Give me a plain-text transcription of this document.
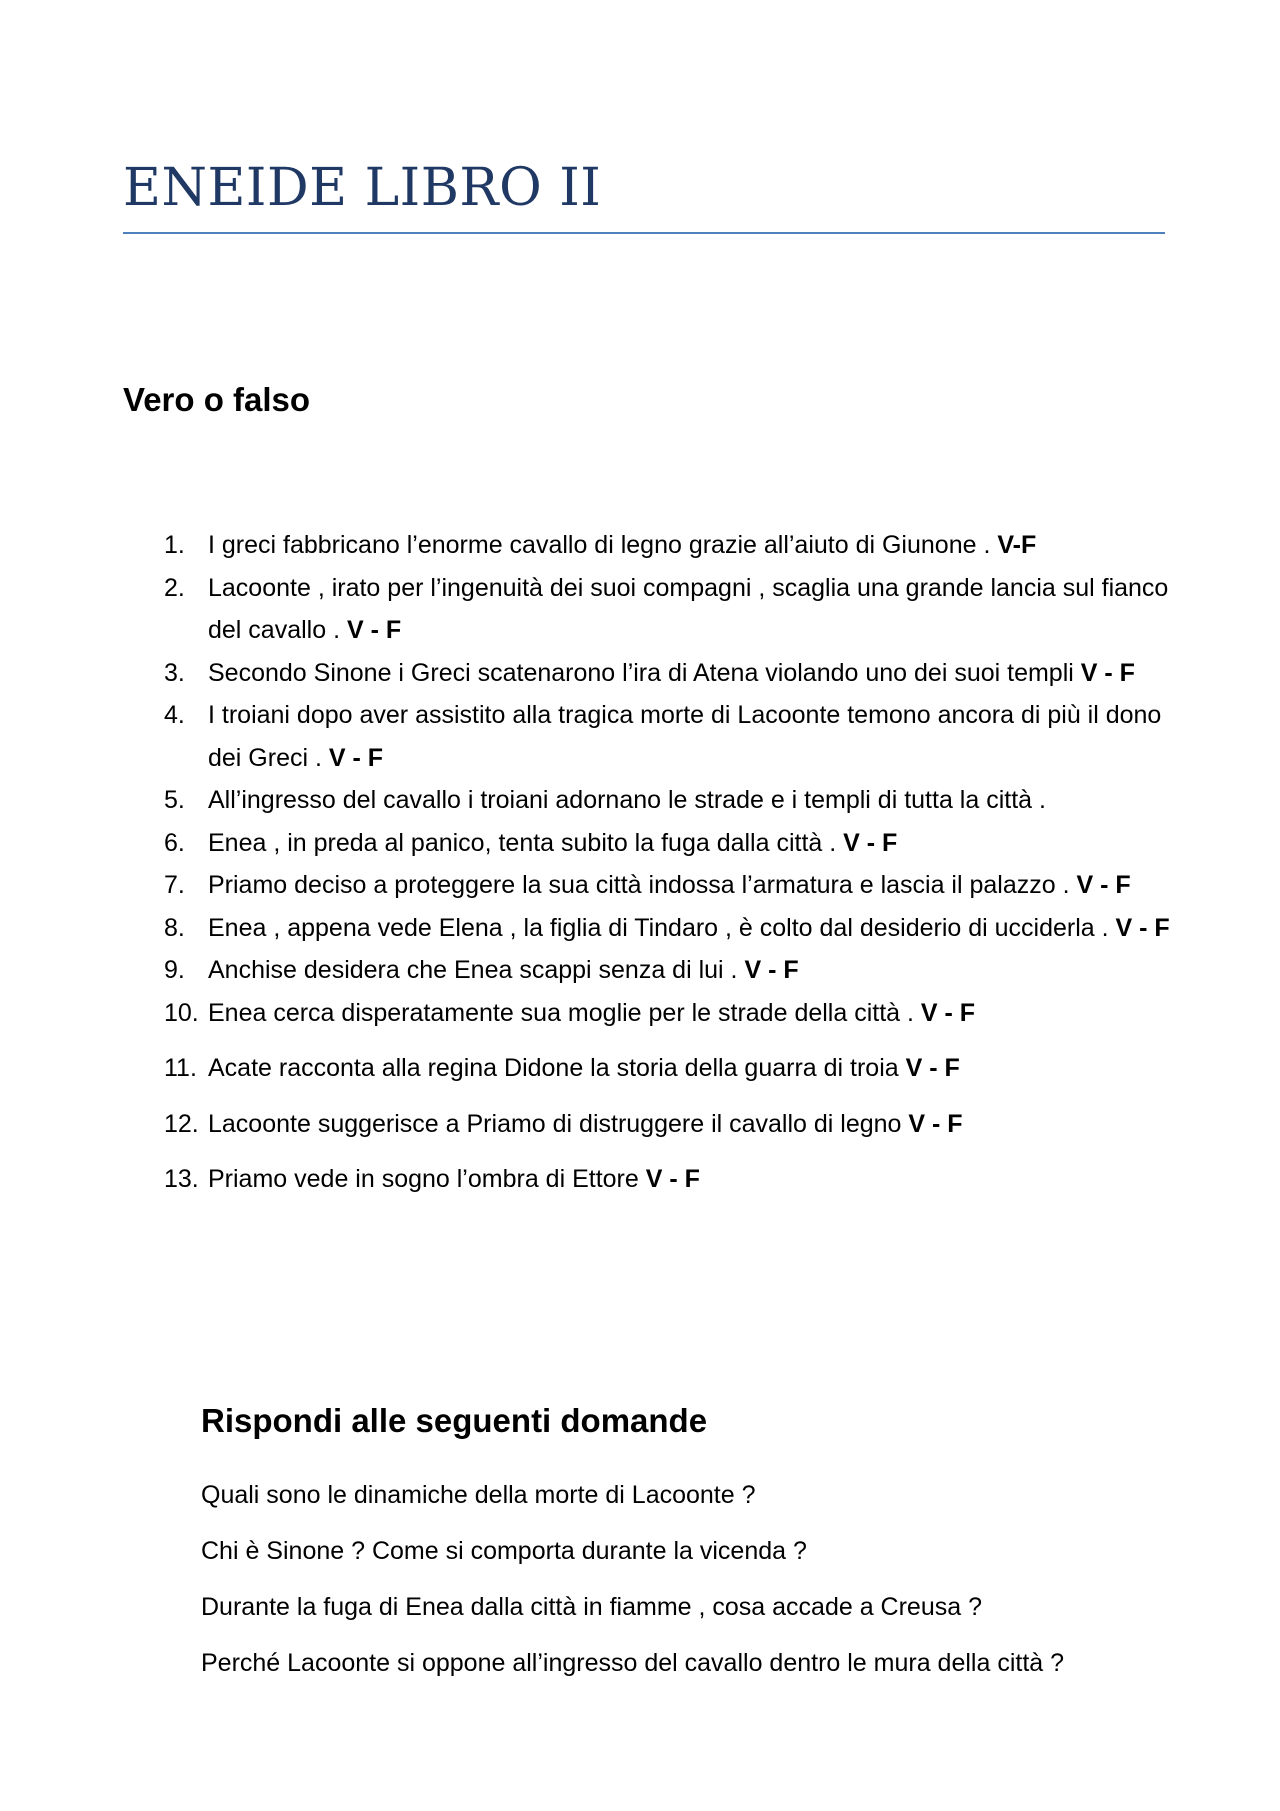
ENEIDE LIBRO II
Vero o falso
1. I greci fabbricano l’enorme cavallo di legno grazie all’aiuto di Giunone . V-F
2. Lacoonte , irato per l’ingenuità dei suoi compagni , scaglia una grande lancia sul fianco del cavallo . V - F
3. Secondo Sinone i Greci scatenarono l’ira di Atena violando uno dei suoi templi V - F
4. I troiani dopo aver assistito alla tragica morte di Lacoonte temono ancora di più il dono dei Greci . V - F
5. All’ingresso del cavallo i troiani adornano le strade e i templi di tutta la città .
6. Enea , in preda al panico, tenta subito la fuga dalla città . V - F
7. Priamo deciso a proteggere la sua città indossa l’armatura e lascia il palazzo . V - F
8. Enea , appena vede Elena , la figlia di Tindaro , è colto dal desiderio di ucciderla . V - F
9. Anchise desidera che Enea scappi senza di lui . V - F
10. Enea cerca disperatamente sua moglie per le strade della città . V - F
11. Acate racconta alla regina Didone la storia della guarra di troia V - F
12. Lacoonte suggerisce a Priamo di distruggere il cavallo di legno V - F
13. Priamo vede in sogno l’ombra di Ettore V - F
Rispondi alle seguenti domande
Quali sono le dinamiche della morte di Lacoonte ?
Chi è Sinone ? Come si comporta durante la vicenda ?
Durante la fuga di Enea dalla città in fiamme , cosa accade a Creusa ?
Perché Lacoonte si oppone all’ingresso del cavallo dentro le mura della città ?
